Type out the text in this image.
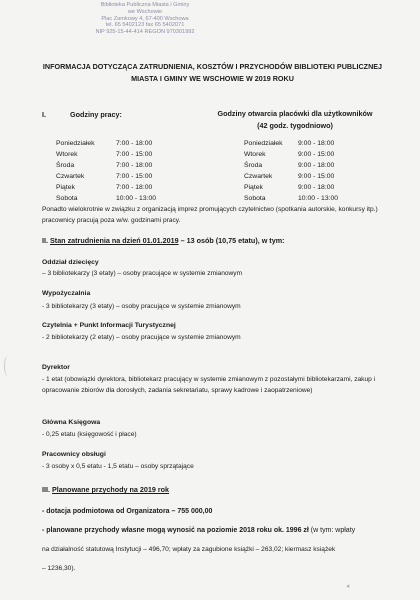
Biblioteka Publiczna Miasta i Gminy
we Wschowie
Plac Zamkowy 4, 67-400 Wschowa
tel. 65 5402123 fax 65 5402071
NIP 925-15-44-414 REGON 970301992
INFORMACJA DOTYCZĄCA ZATRUDNIENIA, KOSZTÓW I PRZYCHODÓW BIBLIOTEKI PUBLICZNEJ MIASTA I GMINY WE WSCHOWIE W 2019 ROKU
I.	Godziny pracy:	Godziny otwarcia placówki dla użytkowników
(42 godz. tygodniowo)
Poniedziałek	7:00 - 18:00
Wtorek	7:00 - 15:00
Środa	7:00 - 18:00
Czwartek	7:00 - 15:00
Piątek	7:00 - 18:00
Sobota	10:00 - 13:00
Poniedziałek	9:00 - 18:00
Wtorek	9:00 - 15:00
Środa	9:00 - 18:00
Czwartek	9:00 - 15:00
Piątek	9:00 - 18:00
Sobota	10:00 - 13:00
Ponadto wielokrotnie w związku z organizacją imprez promujących czytelnictwo (spotkania autorskie, konkursy itp.) pracownicy pracują poza w/w. godzinami pracy.
II. Stan zatrudnienia na dzień 01.01.2019 – 13 osób (10,75 etatu), w tym:
Oddział dziecięcy
– 3 bibliotekarzy (3 etaty) – osoby pracujące w systemie zmianowym
Wypożyczalnia
- 3 bibliotekarzy (3 etaty) – osoby pracujące w systemie zmianowym
Czytelnia + Punkt Informacji Turystycznej
- 2 bibliotekarzy (2 etaty) – osoby pracujące w systemie zmianowym
Dyrektor
- 1 etat (obowiązki dyrektora, bibliotekarz pracujący w systemie zmianowym z pozostałymi bibliotekarzami, zakup i opracowanie zbiorów dla dorosłych, zadania sekretariatu, sprawy kadrowe i zaopatrzeniowe)
Główna Księgowa
- 0,25 etatu (księgowość i płace)
Pracownicy obsługi
- 3 osoby x 0,5 etatu - 1,5 etatu – osoby sprzątające
III. Planowane przychody na 2019 rok
- dotacja podmiotowa od Organizatora – 755 000,00
- planowane przychody własne mogą wynosić na poziomie 2018 roku ok. 1996 zł (w tym: wpłaty
na działalność statutową Instytucji – 496,70; wpłaty za zagubione książki – 263,02; kiermasz książek
– 1236,30).
✳
